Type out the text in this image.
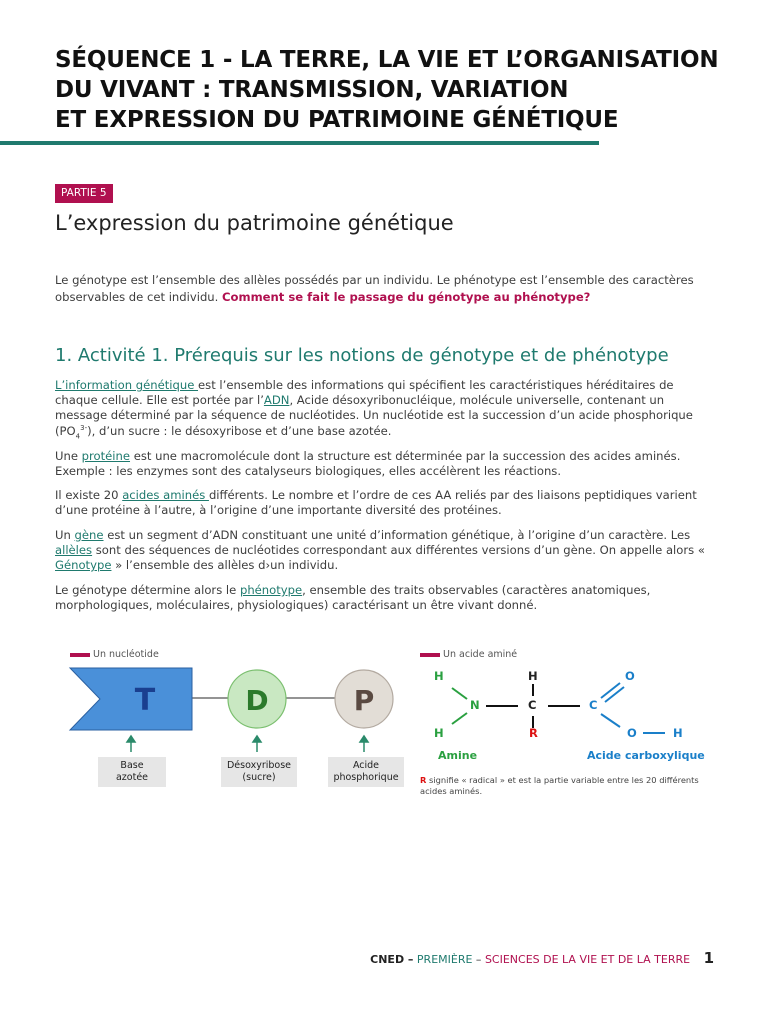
SÉQUENCE 1 - LA TERRE, LA VIE ET L’ORGANISATION
DU VIVANT : TRANSMISSION, VARIATION
ET EXPRESSION DU PATRIMOINE GÉNÉTIQUE
PARTIE 5
L’expression du patrimoine génétique
Le génotype est l’ensemble des allèles possédés par un individu. Le phénotype est l’ensemble des caractères observables de cet individu. Comment se fait le passage du génotype au phénotype?
1. Activité 1. Prérequis sur les notions de génotype et de phénotype
L’information génétique est l’ensemble des informations qui spécifient les caractéristiques héréditaires de chaque cellule. Elle est portée par l’ADN, Acide désoxyribonucléique, molécule universelle, contenant un message déterminé par la séquence de nucléotides. Un nucléotide est la succession d’un acide phosphorique $(PO_4^{3-})$, d’un sucre : le désoxyribose et d’une base azotée.
Une protéine est une macromolécule dont la structure est déterminée par la succession des acides aminés. Exemple : les enzymes sont des catalyseurs biologiques, elles accélèrent les réactions.
Il existe 20 acides aminés différents. Le nombre et l’ordre de ces AA reliés par des liaisons peptidiques varient d’une protéine à l’autre, à l’origine d’une importante diversité des protéines.
Un gène est un segment d’ADN constituant une unité d’information génétique, à l’origine d’un caractère. Les allèles sont des séquences de nucléotides correspondant aux différentes versions d’un gène. On appelle alors « Génotype » l’ensemble des allèles d›un individu.
Le génotype détermine alors le phénotype, ensemble des traits observables (caractères anatomiques, morphologiques, moléculaires, physiologiques) caractérisant un être vivant donné.
Un nucléotide
T	D	P
Base
azotée
Désoxyribose
(sucre)
Acide
phosphorique
Un acide aminé
H
H
N
H
C
R
C
O
O	H
Amine	Acide carboxylique
R signifie « radical » et est la partie variable entre les 20 différents acides aminés.
CNED – PREMIÈRE – SCIENCES DE LA VIE ET DE LA TERRE 1
